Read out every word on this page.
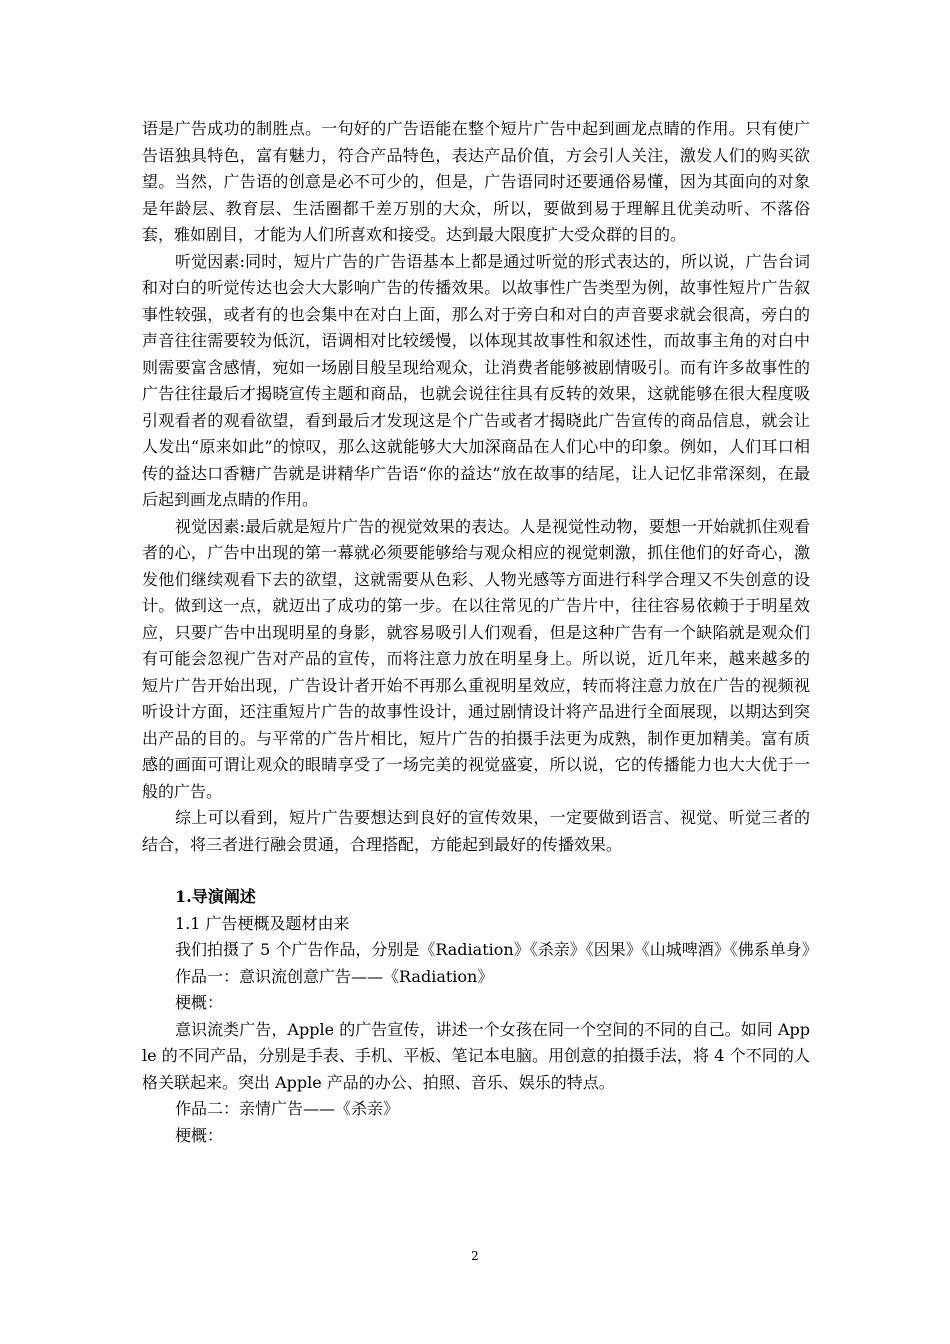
语是广告成功的制胜点。一句好的广告语能在整个短片广告中起到画龙点睛的作用。只有使广告语独具特色，富有魅力，符合产品特色，表达产品价值，方会引人关注，激发人们的购买欲望。当然，广告语的创意是必不可少的，但是，广告语同时还要通俗易懂，因为其面向的对象是年龄层、教育层、生活圈都千差万别的大众，所以，要做到易于理解且优美动听、不落俗套，雅如剧目，才能为人们所喜欢和接受。达到最大限度扩大受众群的目的。

听觉因素:同时，短片广告的广告语基本上都是通过听觉的形式表达的，所以说，广告台词和对白的听觉传达也会大大影响广告的传播效果。以故事性广告类型为例，故事性短片广告叙事性较强，或者有的也会集中在对白上面，那么对于旁白和对白的声音要求就会很高，旁白的声音往往需要较为低沉，语调相对比较缓慢，以体现其故事性和叙述性，而故事主角的对白中则需要富含感情，宛如一场剧目般呈现给观众，让消费者能够被剧情吸引。而有许多故事性的广告往往最后才揭晓宣传主题和商品，也就会说往往具有反转的效果，这就能够在很大程度吸引观看者的观看欲望，看到最后才发现这是个广告或者才揭晓此广告宣传的商品信息，就会让人发出“原来如此”的惊叹，那么这就能够大大加深商品在人们心中的印象。例如，人们耳口相传的益达口香糖广告就是讲精华广告语“你的益达”放在故事的结尾，让人记忆非常深刻，在最后起到画龙点睛的作用。

视觉因素:最后就是短片广告的视觉效果的表达。人是视觉性动物，要想一开始就抓住观看者的心，广告中出现的第一幕就必须要能够给与观众相应的视觉刺激，抓住他们的好奇心，激发他们继续观看下去的欲望，这就需要从色彩、人物光感等方面进行科学合理又不失创意的设计。做到这一点，就迈出了成功的第一步。在以往常见的广告片中，往往容易依赖于于明星效应，只要广告中出现明星的身影，就容易吸引人们观看，但是这种广告有一个缺陷就是观众们有可能会忽视广告对产品的宣传，而将注意力放在明星身上。所以说，近几年来，越来越多的短片广告开始出现，广告设计者开始不再那么重视明星效应，转而将注意力放在广告的视频视听设计方面，还注重短片广告的故事性设计，通过剧情设计将产品进行全面展现，以期达到突出产品的目的。与平常的广告片相比，短片广告的拍摄手法更为成熟，制作更加精美。富有质感的画面可谓让观众的眼睛享受了一场完美的视觉盛宴，所以说，它的传播能力也大大优于一般的广告。

综上可以看到，短片广告要想达到良好的宣传效果，一定要做到语言、视觉、听觉三者的结合，将三者进行融会贯通，合理搭配，方能起到最好的传播效果。

1.导演阐述

1.1 广告梗概及题材由来

我们拍摄了 5 个广告作品，分别是《Radiation》《杀亲》《因果》《山城啤酒》《佛系单身》

作品一：意识流创意广告——《Radiation》

梗概：

意识流类广告，Apple 的广告宣传，讲述一个女孩在同一个空间的不同的自己。如同 Apple 的不同产品，分别是手表、手机、平板、笔记本电脑。用创意的拍摄手法，将 4 个不同的人格关联起来。突出 Apple 产品的办公、拍照、音乐、娱乐的特点。

作品二：亲情广告——《杀亲》

梗概：

2
